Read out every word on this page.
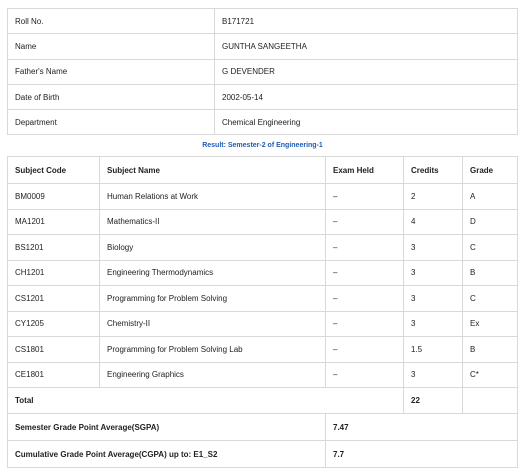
Roll No.	B171721
Name	GUNTHA SANGEETHA
Father's Name	G DEVENDER
Date of Birth	2002-05-14
Department	Chemical Engineering
Result: Semester-2 of Engineering-1
Subject Code	Subject Name	Exam Held	Credits	Grade
BM0009	Human Relations at Work	–	2	A
MA1201	Mathematics-II	–	4	D
BS1201	Biology	–	3	C
CH1201	Engineering Thermodynamics	–	3	B
CS1201	Programming for Problem Solving	–	3	C
CY1205	Chemistry-II	–	3	Ex
CS1801	Programming for Problem Solving Lab	–	1.5	B
CE1801	Engineering Graphics	–	3	C*
Total			22	
Semester Grade Point Average(SGPA)		7.47		
Cumulative Grade Point Average(CGPA) up to: E1_S2		7.7		
